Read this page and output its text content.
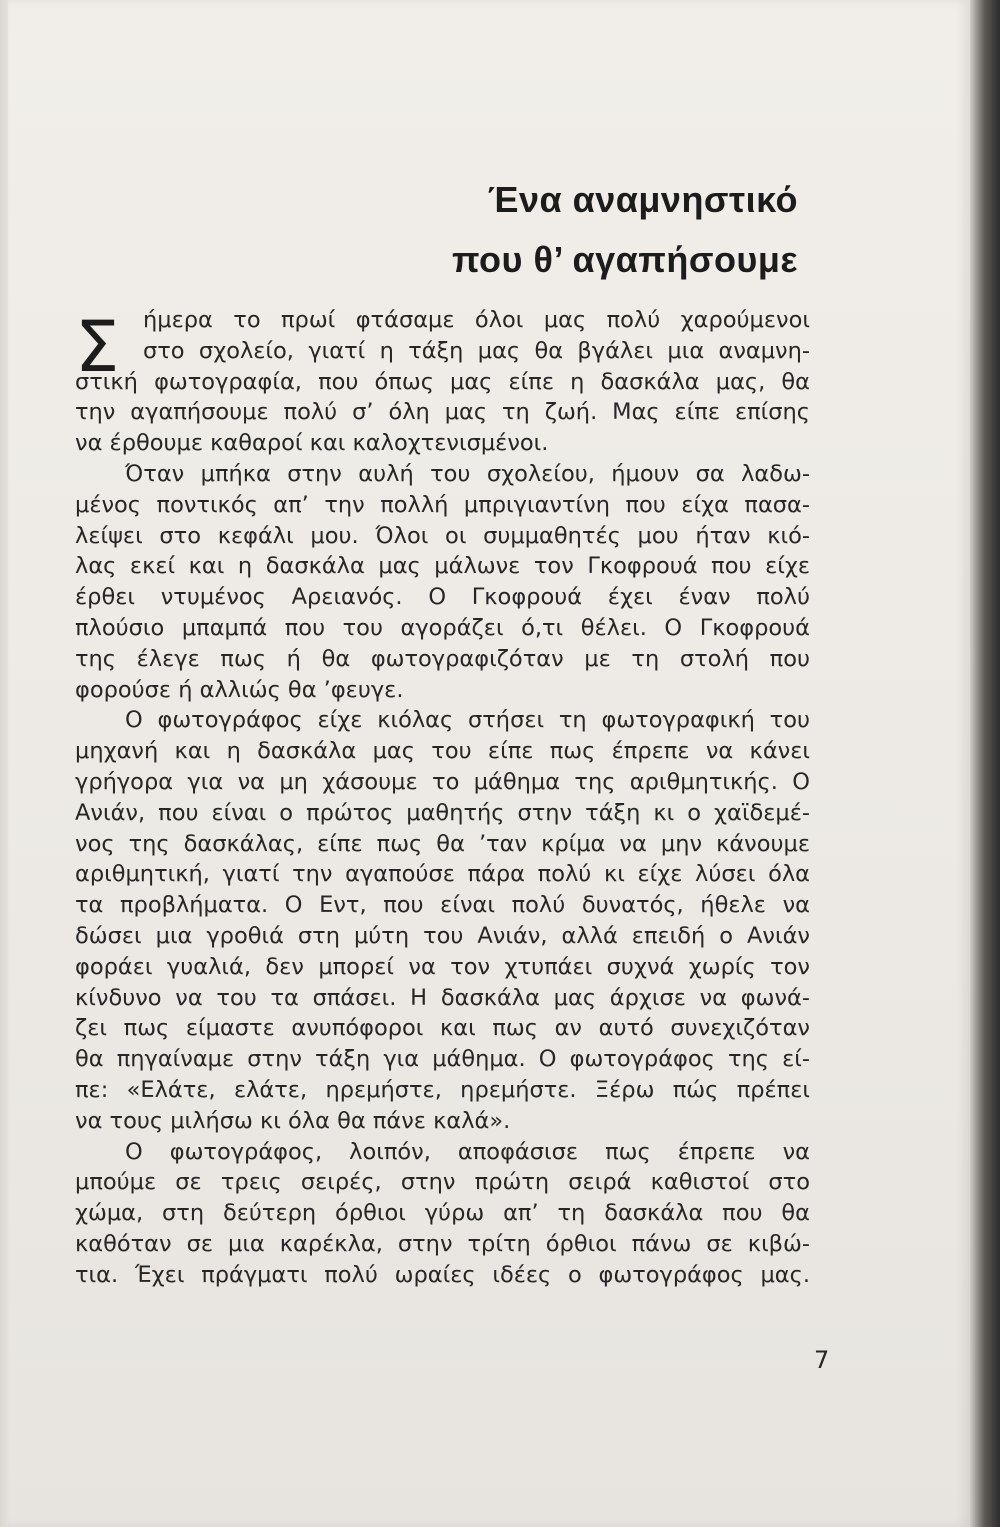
Ένα αναμνηστικό
που θ’ αγαπήσουμε
Σ	ήμερα το πρωί φτάσαμε όλοι μας πολύ χαρούμενοι
στο σχολείο, γιατί η τάξη μας θα βγάλει μια αναμνη-
στική φωτογραφία, που όπως μας είπε η δασκάλα μας, θα
την αγαπήσουμε πολύ σ’ όλη μας τη ζωή. Μας είπε επίσης
να έρθουμε καθαροί και καλοχτενισμένοι.
Όταν μπήκα στην αυλή του σχολείου, ήμουν σα λαδω-
μένος ποντικός απ’ την πολλή μπριγιαντίνη που είχα πασα-
λείψει στο κεφάλι μου. Όλοι οι συμμαθητές μου ήταν κιό-
λας εκεί και η δασκάλα μας μάλωνε τον Γκοφρουά που είχε
έρθει ντυμένος Αρειανός. Ο Γκοφρουά έχει έναν πολύ
πλούσιο μπαμπά που του αγοράζει ό,τι θέλει. Ο Γκοφρουά
της έλεγε πως ή θα φωτογραφιζόταν με τη στολή που
φορούσε ή αλλιώς θα ’φευγε.
Ο φωτογράφος είχε κιόλας στήσει τη φωτογραφική του
μηχανή και η δασκάλα μας του είπε πως έπρεπε να κάνει
γρήγορα για να μη χάσουμε το μάθημα της αριθμητικής. Ο
Ανιάν, που είναι ο πρώτος μαθητής στην τάξη κι ο χαϊδεμέ-
νος της δασκάλας, είπε πως θα ’ταν κρίμα να μην κάνουμε
αριθμητική, γιατί την αγαπούσε πάρα πολύ κι είχε λύσει όλα
τα προβλήματα. Ο Εντ, που είναι πολύ δυνατός, ήθελε να
δώσει μια γροθιά στη μύτη του Ανιάν, αλλά επειδή ο Ανιάν
φοράει γυαλιά, δεν μπορεί να τον χτυπάει συχνά χωρίς τον
κίνδυνο να του τα σπάσει. Η δασκάλα μας άρχισε να φωνά-
ζει πως είμαστε ανυπόφοροι και πως αν αυτό συνεχιζόταν
θα πηγαίναμε στην τάξη για μάθημα. Ο φωτογράφος της εί-
πε: «Ελάτε, ελάτε, ηρεμήστε, ηρεμήστε. Ξέρω πώς πρέπει
να τους μιλήσω κι όλα θα πάνε καλά».
Ο φωτογράφος, λοιπόν, αποφάσισε πως έπρεπε να
μπούμε σε τρεις σειρές, στην πρώτη σειρά καθιστοί στο
χώμα, στη δεύτερη όρθιοι γύρω απ’ τη δασκάλα που θα
καθόταν σε μια καρέκλα, στην τρίτη όρθιοι πάνω σε κιβώ-
τια. Έχει πράγματι πολύ ωραίες ιδέες ο φωτογράφος μας.
7
